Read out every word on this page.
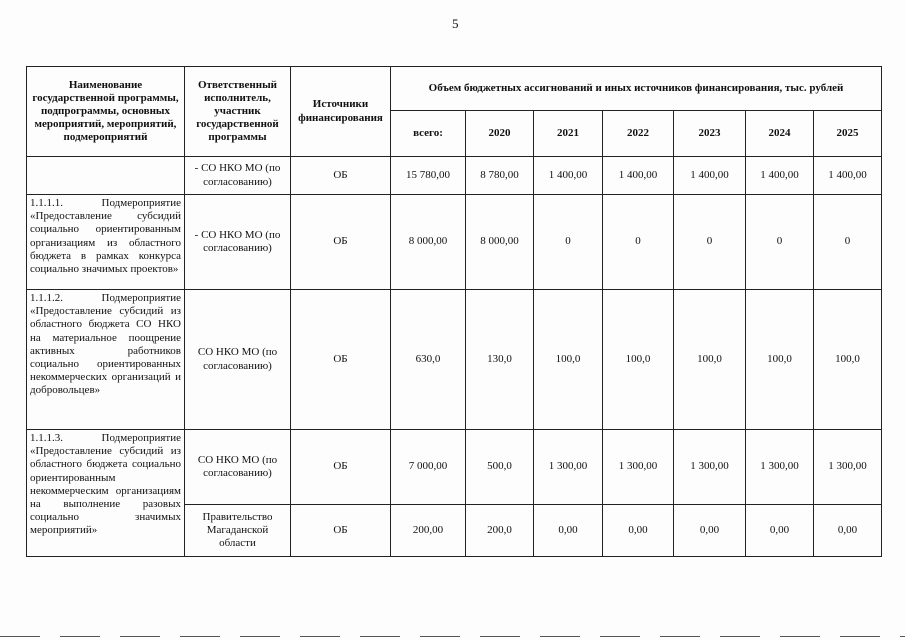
5
Наименование государственной программы, подпрограммы, основных мероприятий, мероприятий, подмероприятий	Ответственный исполнитель, участник государственной программы	Источники финансирования	Объем бюджетных ассигнований и иных источников финансирования, тыс. рублей						
			всего:	2020	2021	2022	2023	2024	2025
	- СО НКО МО (по согласованию)	ОБ	15 780,00	8 780,00	1 400,00	1 400,00	1 400,00	1 400,00	1 400,00
1.1.1.1. Подмероприятие «Предоставление субсидий социально ориентированным организациям из областного бюджета в рамках конкурса социально значимых проектов»	- СО НКО МО (по согласованию)	ОБ	8 000,00	8 000,00	0	0	0	0	0
1.1.1.2. Подмероприятие «Предоставление субсидий из областного бюджета СО НКО на материальное поощрение активных работников социально ориентированных некоммерческих организаций и добровольцев»	СО НКО МО (по согласованию)	ОБ	630,0	130,0	100,0	100,0	100,0	100,0	100,0
1.1.1.3. Подмероприятие «Предоставление субсидий из областного бюджета социально ориентированным некоммерческим организациям на выполнение разовых социально значимых мероприятий»	СО НКО МО (по согласованию)	ОБ	7 000,00	500,0	1 300,00	1 300,00	1 300,00	1 300,00	1 300,00
	Правительство Магаданской области	ОБ	200,00	200,0	0,00	0,00	0,00	0,00	0,00
